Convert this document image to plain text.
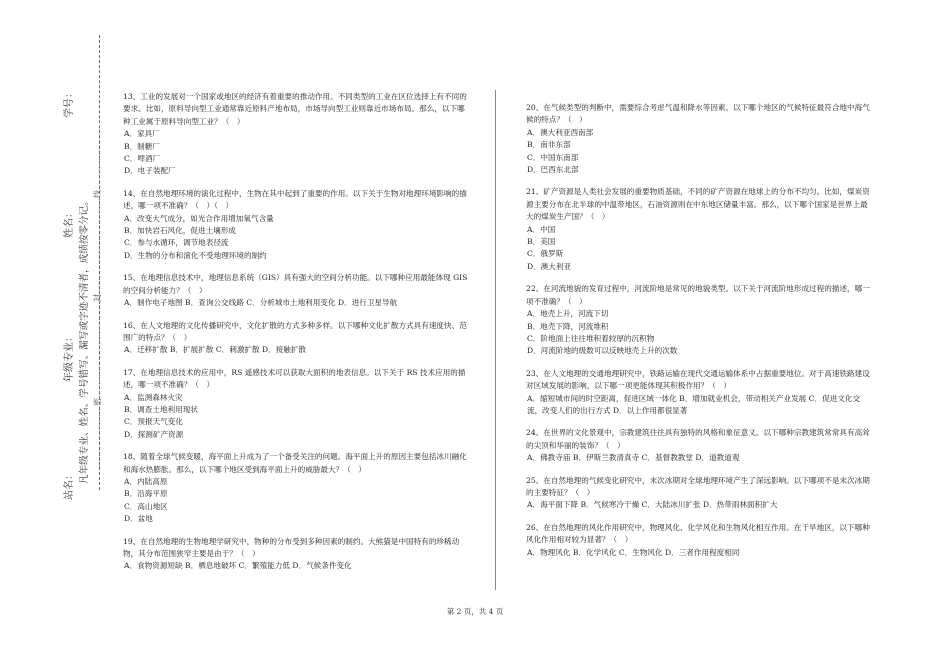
学号：
姓名：
年级专业：
站名：
凡年级专业、姓名、学号错写、漏写或字迹不清者，成绩按零分记。 ……………………密………………………………封………………………………线……………………

13、工业的发展对一个国家或地区的经济有着重要的推动作用。不同类型的工业在区位选择上有不同的要求。比如，原料导向型工业通常靠近原料产地布局，市场导向型工业则靠近市场布局。那么，以下哪种工业属于原料导向型工业？（　）

A．家具厂

B．制糖厂

C．啤酒厂

D．电子装配厂

14、在自然地理环境的演化过程中，生物在其中起到了重要的作用。以下关于生物对地理环境影响的描述，哪一项不准确？（　）（　）

A．改变大气成分，如光合作用增加氧气含量

B．加快岩石风化，促进土壤形成

C．参与水循环，调节地表径流

D．生物的分布和演化不受地理环境的制约

15、在地理信息技术中，地理信息系统（GIS）具有强大的空间分析功能。以下哪种应用最能体现 GIS 的空间分析能力？（　）

A．制作电子地图 B．查询公交线路 C．分析城市土地利用变化 D．进行卫星导航

16、在人文地理的文化传播研究中，文化扩散的方式多种多样。以下哪种文化扩散方式具有速度快、范围广的特点？（　）

A．迁移扩散 B．扩展扩散 C．刺激扩散 D．接触扩散

17、在地理信息技术的应用中，RS 遥感技术可以获取大面积的地表信息。以下关于 RS 技术应用的描述，哪一项不准确？（　）

A．监测森林火灾

B．调查土地利用现状

C．预报天气变化

D．探测矿产资源

18、随着全球气候变暖，海平面上升成为了一个备受关注的问题。海平面上升的原因主要包括冰川融化和海水热膨胀。那么，以下哪个地区受到海平面上升的威胁最大？（　）

A．内陆高原

B．沿海平原

C．高山地区

D．盆地

19、在自然地理的生物地理学研究中，物种的分布受到多种因素的制约。大熊猫是中国特有的珍稀动物，其分布范围狭窄主要是由于？（　）

A．食物资源短缺 B．栖息地破坏 C．繁殖能力低 D．气候条件变化

20、在气候类型的判断中，需要综合考虑气温和降水等因素。以下哪个地区的气候特征最符合地中海气候的特点？（　）

A．澳大利亚西南部

B．南非东部

C．中国东南部

D．巴西东北部

21、矿产资源是人类社会发展的重要物质基础，不同的矿产资源在地球上的分布不均匀。比如，煤炭资源主要分布在北半球的中温带地区，石油资源则在中东地区储量丰富。那么，以下哪个国家是世界上最大的煤炭生产国？（　）

A．中国

B．美国

C．俄罗斯

D．澳大利亚

22、在河流地貌的发育过程中，河流阶地是常见的地貌类型。以下关于河流阶地形成过程的描述，哪一项不准确？（　）

A．地壳上升，河流下切

B．地壳下降，河流堆积

C．阶地面上往往堆积着较厚的沉积物

D．河流阶地的级数可以反映地壳上升的次数

23、在人文地理的交通地理研究中，铁路运输在现代交通运输体系中占据重要地位。对于高速铁路建设对区域发展的影响，以下哪一项更能体现其积极作用？（　）

A．缩短城市间的时空距离，促进区域一体化 B．增加就业机会，带动相关产业发展 C．促进文化交流，改变人们的出行方式 D．以上作用都很显著

24、在世界的文化景观中，宗教建筑往往具有独特的风格和象征意义。以下哪种宗教建筑常常具有高耸的尖顶和华丽的装饰？（　）

A．佛教寺庙 B．伊斯兰教清真寺 C．基督教教堂 D．道教道观

25、在自然地理的气候变化研究中，末次冰期对全球地理环境产生了深远影响。以下哪项不是末次冰期的主要特征？（　）

A．海平面下降 B．气候寒冷干燥 C．大陆冰川扩张 D．热带雨林面积扩大

26、在自然地理的风化作用研究中，物理风化、化学风化和生物风化相互作用。在干旱地区，以下哪种风化作用相对较为显著？（　）

A．物理风化 B．化学风化 C．生物风化 D．三者作用程度相同

第 2 页，共 4 页
